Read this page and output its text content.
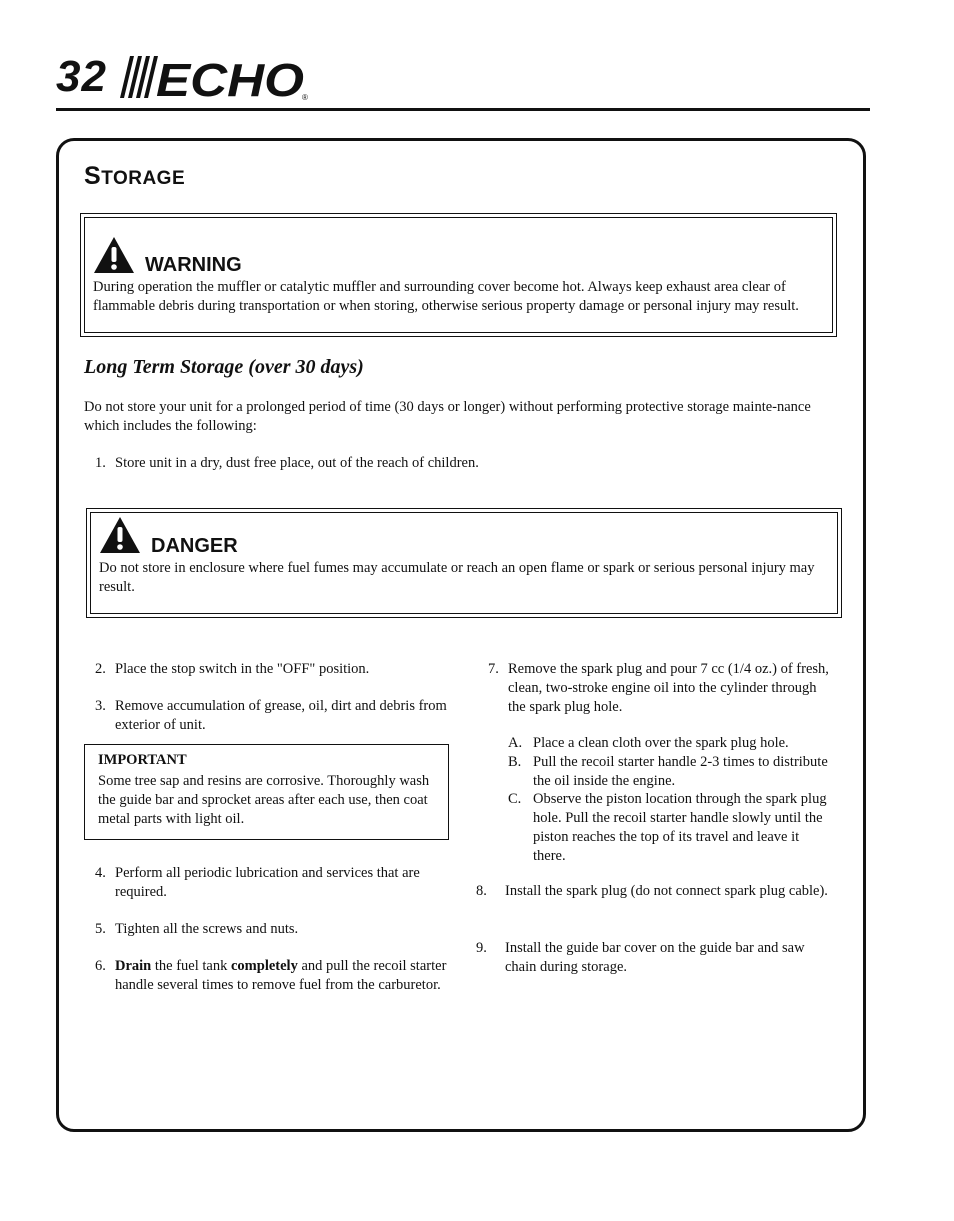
32 ECHO
®
STORAGE
WARNING
During operation the muffler or catalytic muffler and surrounding cover become hot. Always keep exhaust area clear of flammable debris during transportation or when storing, otherwise serious property damage or personal injury may result.
Long Term Storage (over 30 days)
Do not store your unit for a prolonged period of time (30 days or longer) without performing protective storage mainte-nance which includes the following:
1. Store unit in a dry, dust free place, out of the reach of children.
DANGER
Do not store in enclosure where fuel fumes may accumulate or reach an open flame or spark or serious personal injury may result.
2. Place the stop switch in the "OFF" position.
3. Remove accumulation of grease, oil, dirt and debris from exterior of unit.
IMPORTANT
Some tree sap and resins are corrosive. Thoroughly wash the guide bar and sprocket areas after each use, then coat metal parts with light oil.
4. Perform all periodic lubrication and services that are required.
5. Tighten all the screws and nuts.
6. Drain the fuel tank completely and pull the recoil starter handle several times to remove fuel from the carburetor.
7. Remove the spark plug and pour 7 cc (1/4 oz.) of fresh, clean, two-stroke engine oil into the cylinder through the spark plug hole.
A. Place a clean cloth over the spark plug hole.
B. Pull the recoil starter handle 2-3 times to distribute the oil inside the engine.
C. Observe the piston location through the spark plug hole. Pull the recoil starter handle slowly until the piston reaches the top of its travel and leave it there.
8. Install the spark plug (do not connect spark plug cable).
9. Install the guide bar cover on the guide bar and saw chain during storage.
